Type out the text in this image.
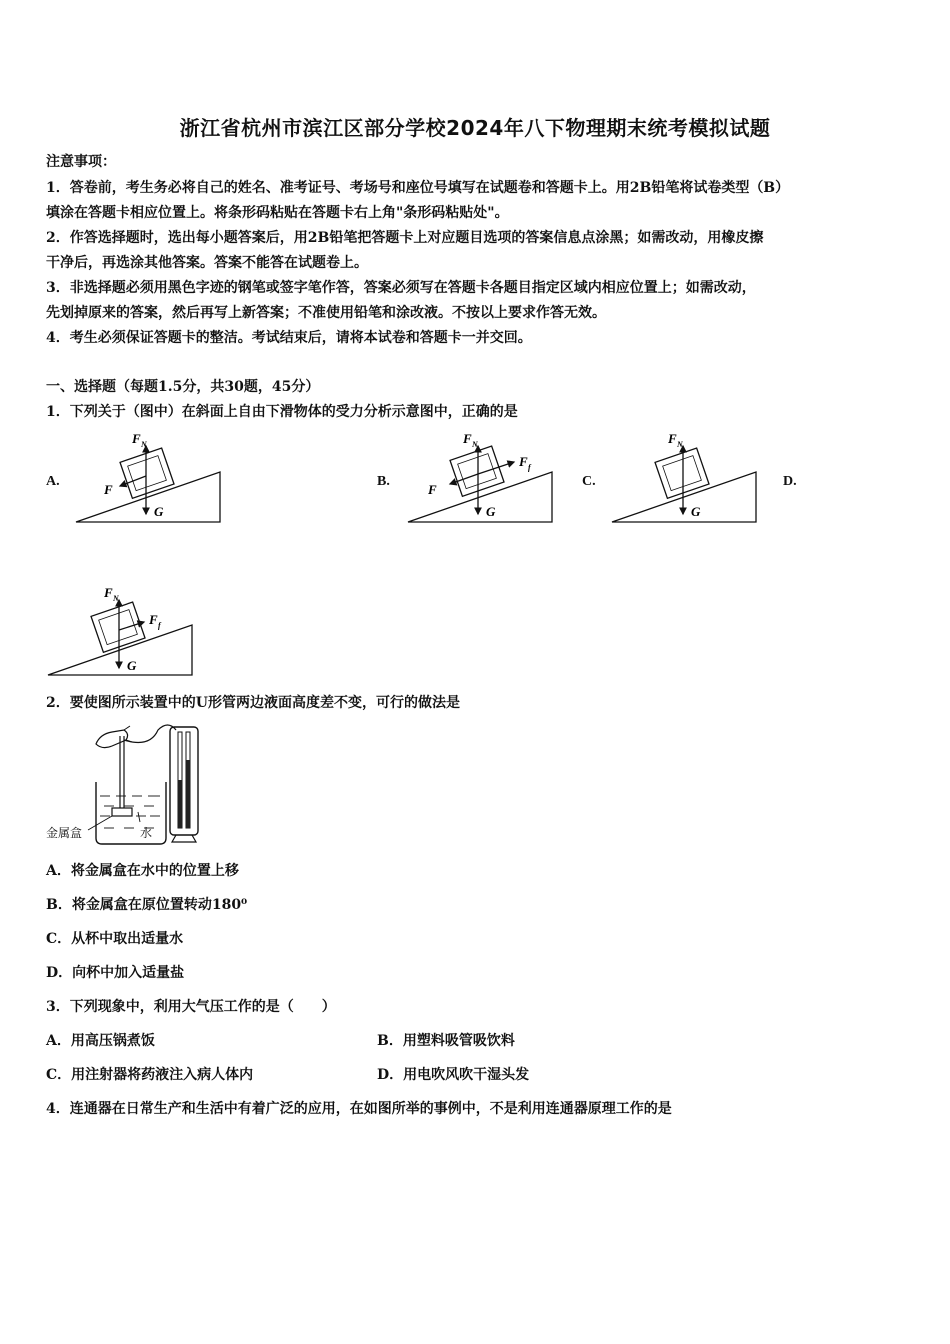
浙江省杭州市滨江区部分学校2024年八下物理期末统考模拟试题
注意事项：
1．答卷前，考生务必将自己的姓名、准考证号、考场号和座位号填写在试题卷和答题卡上。用2B铅笔将试卷类型（B）
填涂在答题卡相应位置上。将条形码粘贴在答题卡右上角"条形码粘贴处"。
2．作答选择题时，选出每小题答案后，用2B铅笔把答题卡上对应题目选项的答案信息点涂黑；如需改动，用橡皮擦
干净后，再选涂其他答案。答案不能答在试题卷上。
3．非选择题必须用黑色字迹的钢笔或签字笔作答，答案必须写在答题卡各题目指定区域内相应位置上；如需改动，
先划掉原来的答案，然后再写上新答案；不准使用铅笔和涂改液。不按以上要求作答无效。
4．考生必须保证答题卡的整洁。考试结束后，请将本试卷和答题卡一并交回。
一、选择题（每题1.5分，共30题，45分）
1．下列关于（图中）在斜面上自由下滑物体的受力分析示意图中，正确的是
A.	B.	C.	D.
F N
F
G
F N
F
F f
G
F N
G
F N
F f
G
金属盒	水
2．要使图所示装置中的U形管两边液面高度差不变，可行的做法是
A．将金属盒在水中的位置上移
B．将金属盒在原位置转动180⁰
C．从杯中取出适量水
D．向杯中加入适量盐
3．下列现象中，利用大气压工作的是（　　）
A．用高压锅煮饭	B．用塑料吸管吸饮料
C．用注射器将药液注入病人体内	D．用电吹风吹干湿头发
4．连通器在日常生产和生活中有着广泛的应用，在如图所举的事例中，不是利用连通器原理工作的是
